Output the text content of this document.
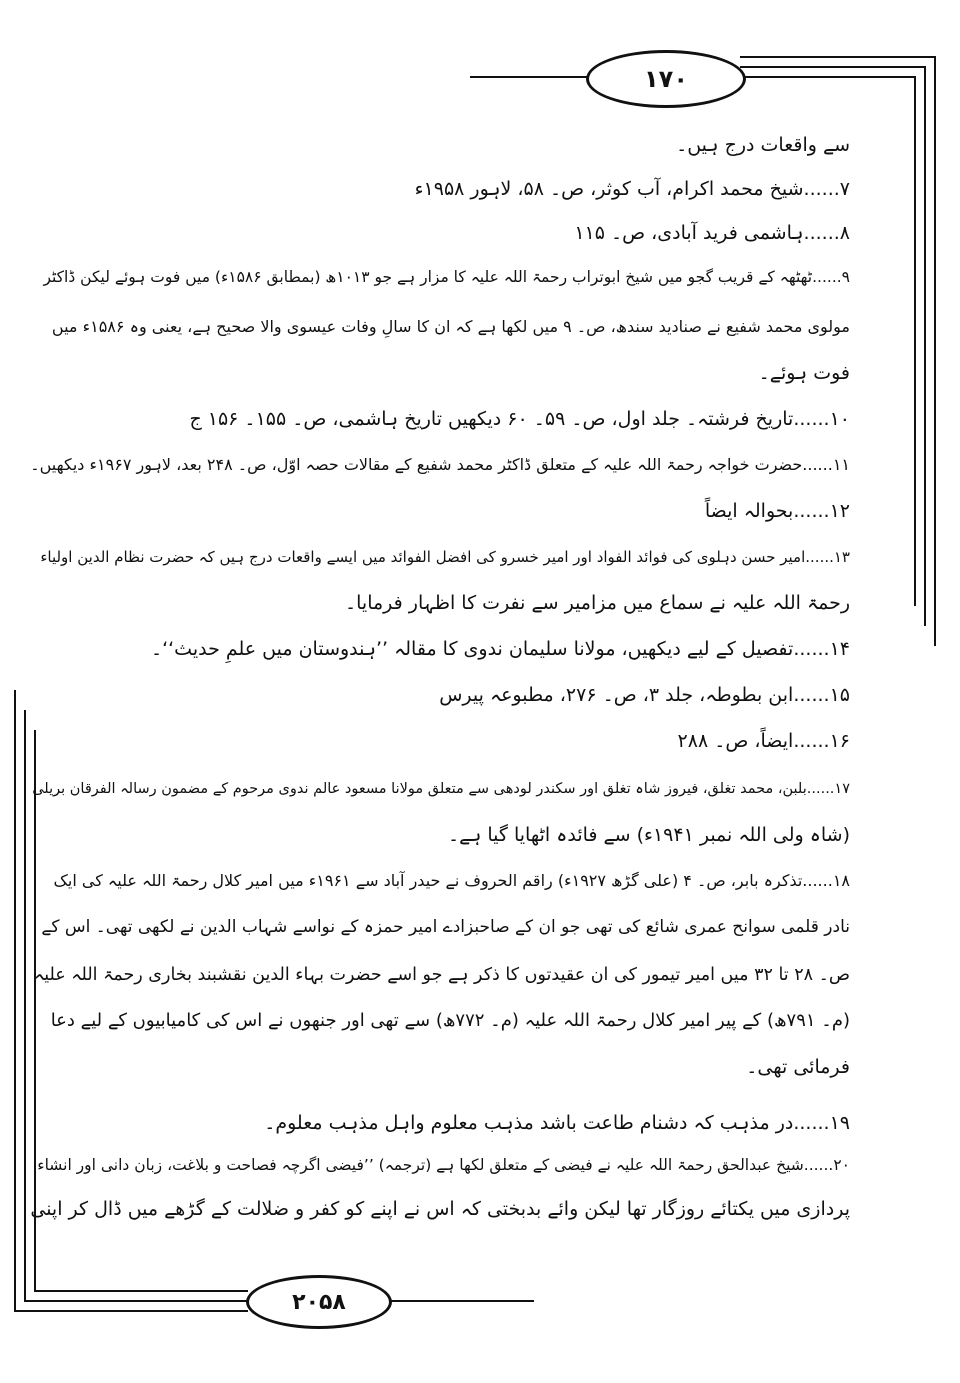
۱۷۰
۲۰۵۸
سے واقعات درج ہیں۔
۷......شیخ محمد اکرام، آب کوثر، ص۔ ۵۸، لاہور ۱۹۵۸ء
۸......ہاشمی فرید آبادی، ص۔ ۱۱۵
۹......ٹھٹھہ کے قریب گجو میں شیخ ابوتراب رحمۃ اللہ علیہ کا مزار ہے جو ۱۰۱۳ھ (بمطابق ۱۵۸۶ء) میں فوت ہوئے لیکن ڈاکٹر
مولوی محمد شفیع نے صنادید سندھ، ص۔ ۹ میں لکھا ہے کہ ان کا سالِ وفات عیسوی والا صحیح ہے، یعنی وہ ۱۵۸۶ء میں
فوت ہوئے۔
۱۰......تاریخ فرشتہ۔ جلد اول، ص۔ ۵۹۔ ۶۰ دیکھیں تاریخ ہاشمی، ص۔ ۱۵۵۔ ۱۵۶ ج
۱۱......حضرت خواجہ رحمۃ اللہ علیہ کے متعلق ڈاکٹر محمد شفیع کے مقالات حصہ اوّل، ص۔ ۲۴۸ بعد، لاہور ۱۹۶۷ء دیکھیں۔
۱۲......بحوالہ ایضاً
۱۳......امیر حسن دہلوی کی فوائد الفواد اور امیر خسرو کی افضل الفوائد میں ایسے واقعات درج ہیں کہ حضرت نظام الدین اولیاء
رحمۃ اللہ علیہ نے سماع میں مزامیر سے نفرت کا اظہار فرمایا۔
۱۴......تفصیل کے لیے دیکھیں، مولانا سلیمان ندوی کا مقالہ ’’ہندوستان میں علمِ حدیث‘‘۔
۱۵......ابن بطوطہ، جلد ۳، ص۔ ۲۷۶، مطبوعہ پیرس
۱۶......ایضاً، ص۔ ۲۸۸
۱۷......بلبن، محمد تغلق، فیروز شاہ تغلق اور سکندر لودھی سے متعلق مولانا مسعود عالم ندوی مرحوم کے مضمون رسالہ الفرقان بریلی
(شاہ ولی اللہ نمبر ۱۹۴۱ء) سے فائدہ اٹھایا گیا ہے۔
۱۸......تذکرہ بابر، ص۔ ۴ (علی گڑھ ۱۹۲۷ء) راقم الحروف نے حیدر آباد سے ۱۹۶۱ء میں امیر کلال رحمۃ اللہ علیہ کی ایک
نادر قلمی سوانح عمری شائع کی تھی جو ان کے صاحبزادے امیر حمزہ کے نواسے شہاب الدین نے لکھی تھی۔ اس کے
ص۔ ۲۸ تا ۳۲ میں امیر تیمور کی ان عقیدتوں کا ذکر ہے جو اسے حضرت بہاء الدین نقشبند بخاری رحمۃ اللہ علیہ
(م۔ ۷۹۱ھ) کے پیر امیر کلال رحمۃ اللہ علیہ (م۔ ۷۷۲ھ) سے تھی اور جنھوں نے اس کی کامیابیوں کے لیے دعا
فرمائی تھی۔
۱۹......در مذہب کہ دشنام طاعت باشد مذہب معلوم واہل مذہب معلوم۔
۲۰......شیخ عبدالحق رحمۃ اللہ علیہ نے فیضی کے متعلق لکھا ہے (ترجمہ) ’’فیضی اگرچہ فصاحت و بلاغت، زبان دانی اور انشاء
پردازی میں یکتائے روزگار تھا لیکن وائے بدبختی کہ اس نے اپنے کو کفر و ضلالت کے گڑھے میں ڈال کر اپنی
